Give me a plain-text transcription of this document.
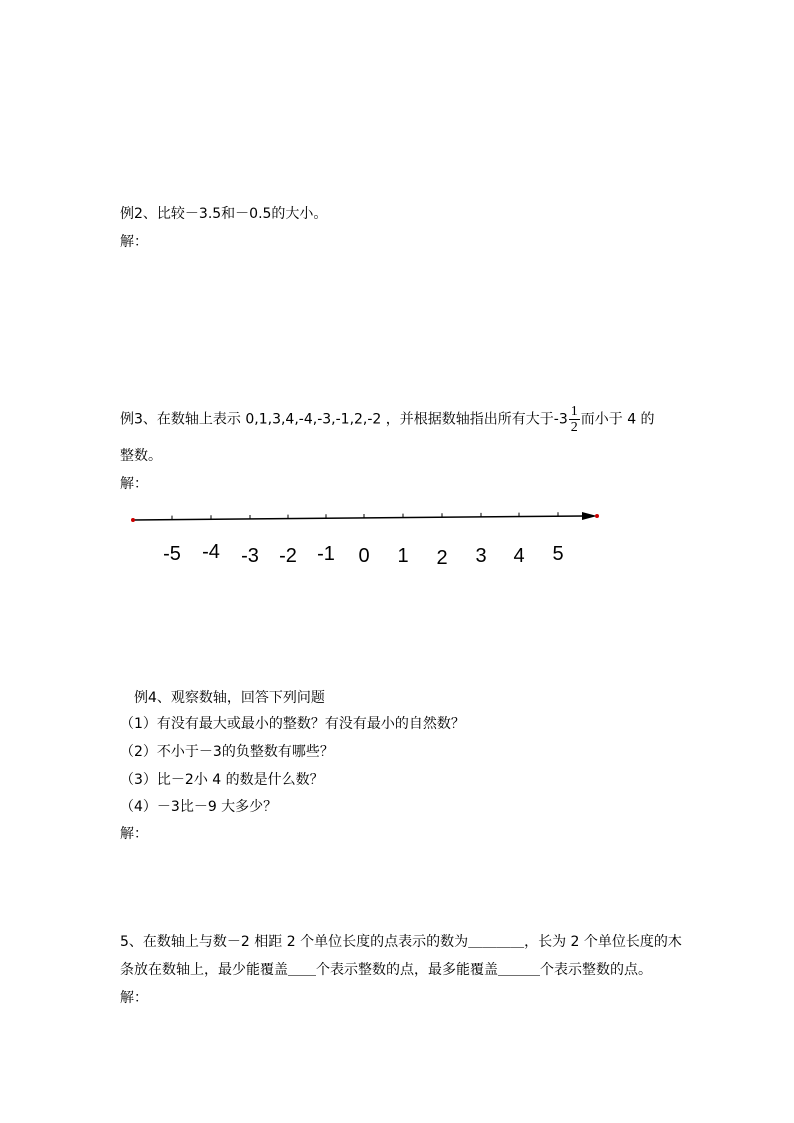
例2、比较－3.5和－0.5的大小。
解：
例3、在数轴上表示 0,1,3,4,-4,-3,-1,2,-2 ，并根据数轴指出所有大于$-3 \frac{1}{2}$ 而小于 4 的
整数。
解：
-5 -4 -3 -2 -1 0 1 2 3 4 5
例4、观察数轴，回答下列问题
（1）有没有最大或最小的整数？有没有最小的自然数？
（2）不小于－3的负整数有哪些？
（3）比－2小 4 的数是什么数？
（4）－3比－9 大多少？
解：
5、在数轴上与数－2 相距 2 个单位长度的点表示的数为＿＿＿＿，长为 2 个单位长度的木
条放在数轴上，最少能覆盖＿＿个表示整数的点，最多能覆盖＿＿＿个表示整数的点。
解：
